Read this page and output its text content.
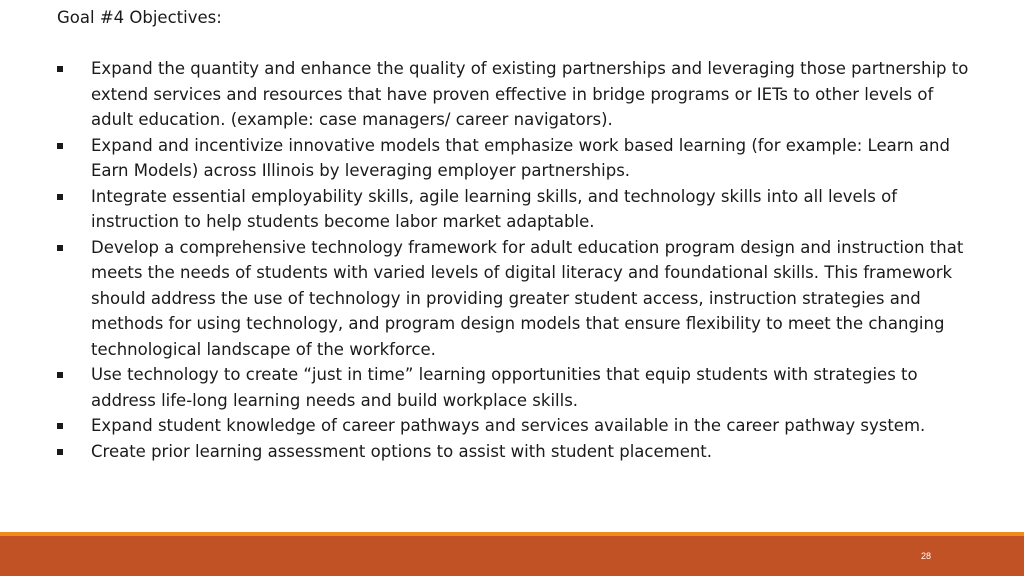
Goal #4 Objectives:
Expand the quantity and enhance the quality of existing partnerships and leveraging those partnership to extend services and resources that have proven effective in bridge programs or IETs to other levels of adult education. (example: case managers/ career navigators).
Expand and incentivize innovative models that emphasize work based learning (for example: Learn and Earn Models) across Illinois by leveraging employer partnerships.
Integrate essential employability skills, agile learning skills, and technology skills into all levels of instruction to help students become labor market adaptable.
Develop a comprehensive technology framework for adult education program design and instruction that meets the needs of students with varied levels of digital literacy and foundational skills. This framework should address the use of technology in providing greater student access, instruction strategies and methods for using technology, and program design models that ensure flexibility to meet the changing technological landscape of the workforce.
Use technology to create “just in time” learning opportunities that equip students with strategies to address life-long learning needs and build workplace skills.
Expand student knowledge of career pathways and services available in the career pathway system.
Create prior learning assessment options to assist with student placement.
28
